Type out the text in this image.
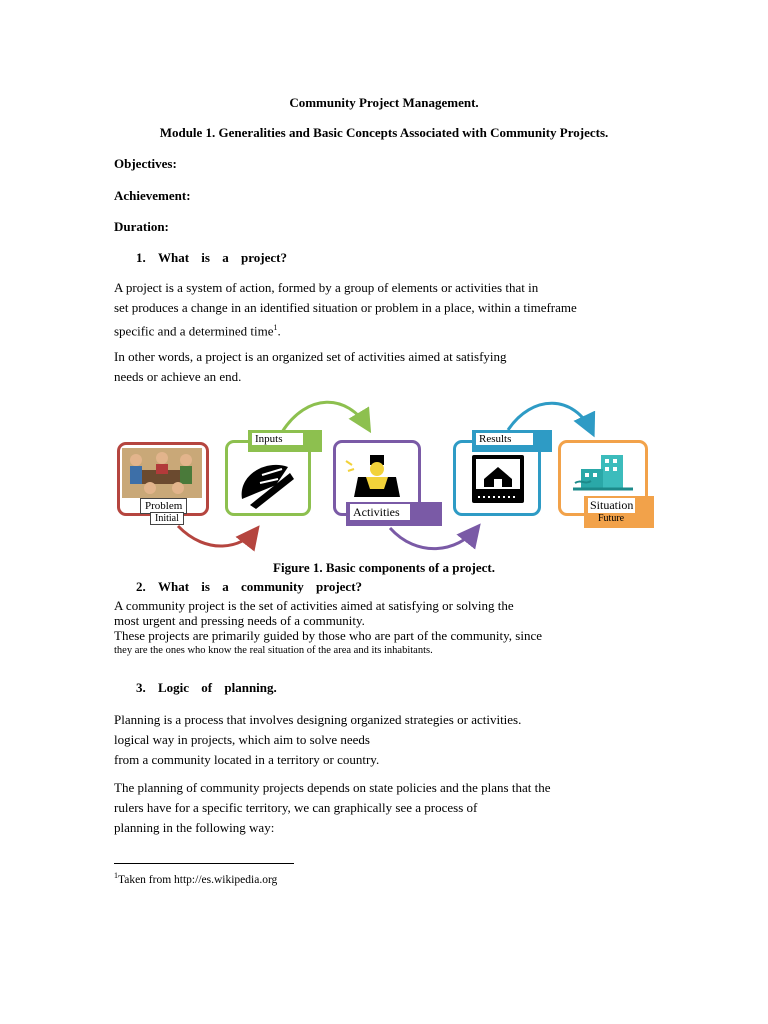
Community Project Management.
Module 1. Generalities and Basic Concepts Associated with Community Projects.
Objectives:
Achievement:
Duration:
1. What is a project?
A project is a system of action, formed by a group of elements or activities that in
set produces a change in an identified situation or problem in a place, within a timeframe
specific and a determined time$^1$.
In other words, a project is an organized set of activities aimed at satisfying
needs or achieve an end.
Problem
Initial
Inputs
Activities
Results
Situation
Future
Figure 1. Basic components of a project.
2. What is a community project?
A community project is the set of activities aimed at satisfying or solving the
most urgent and pressing needs of a community.
These projects are primarily guided by those who are part of the community, since
they are the ones who know the real situation of the area and its inhabitants.
3. Logic of planning.
Planning is a process that involves designing organized strategies or activities.
logical way in projects, which aim to solve needs
from a community located in a territory or country.
The planning of community projects depends on state policies and the plans that the
rulers have for a specific territory, we can graphically see a process of
planning in the following way:
$^1$Taken from http://es.wikipedia.org
